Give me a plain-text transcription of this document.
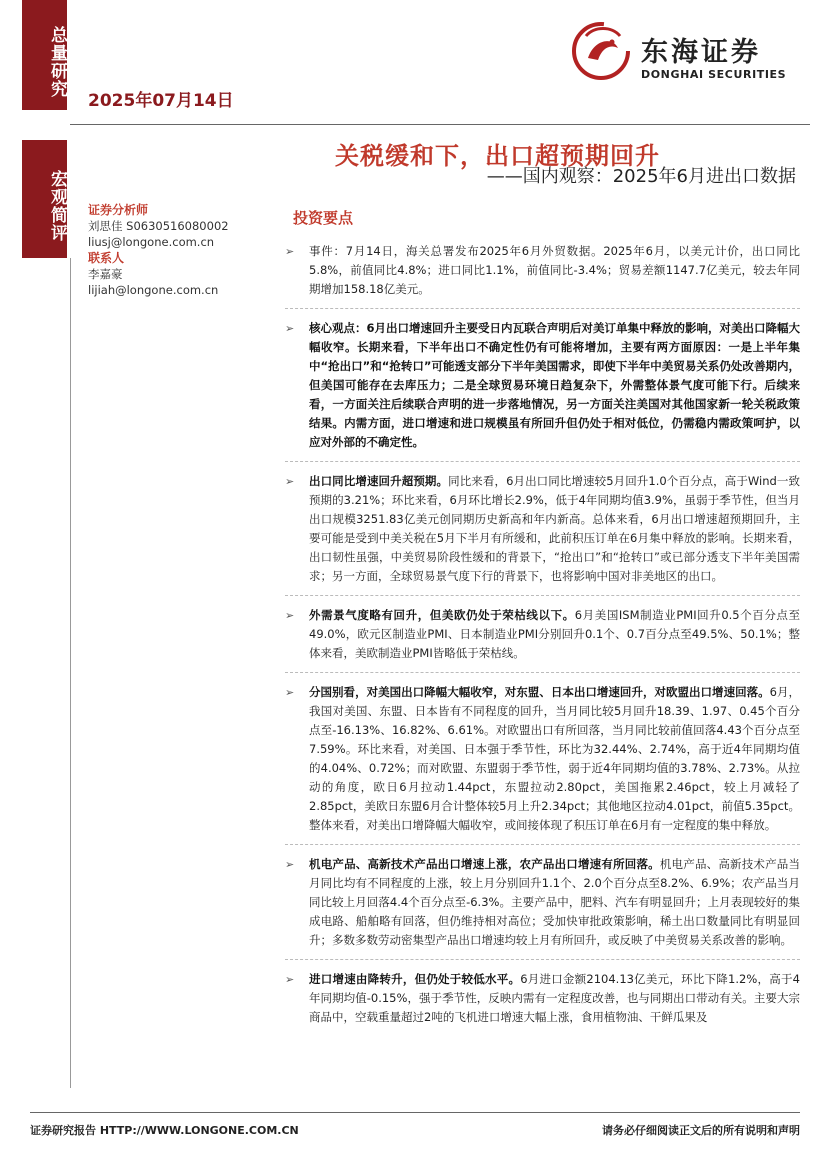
总量研究
宏观简评
2025年07月14日
东海证券
DONGHAI SECURITIES
关税缓和下，出口超预期回升
——国内观察：2025年6月进出口数据
证券分析师
刘思佳 S0630516080002
liusj@longone.com.cn
联系人
李嘉豪
lijiah@longone.com.cn
投资要点
➢ 事件：7月14日，海关总署发布2025年6月外贸数据。2025年6月，以美元计价，出口同比5.8%，前值同比4.8%；进口同比1.1%，前值同比-3.4%；贸易差额1147.7亿美元，较去年同期增加158.18亿美元。
➢ 核心观点：6月出口增速回升主要受日内瓦联合声明后对美订单集中释放的影响，对美出口降幅大幅收窄。长期来看，下半年出口不确定性仍有可能将增加，主要有两方面原因：一是上半年集中“抢出口”和“抢转口”可能透支部分下半年美国需求，即使下半年中美贸易关系仍处改善期内，但美国可能存在去库压力；二是全球贸易环境日趋复杂下，外需整体景气度可能下行。后续来看，一方面关注后续联合声明的进一步落地情况，另一方面关注美国对其他国家新一轮关税政策结果。内需方面，进口增速和进口规模虽有所回升但仍处于相对低位，仍需稳内需政策呵护，以应对外部的不确定性。
➢ 出口同比增速回升超预期。同比来看，6月出口同比增速较5月回升1.0个百分点，高于Wind一致预期的3.21%；环比来看，6月环比增长2.9%，低于4年同期均值3.9%，虽弱于季节性，但当月出口规模3251.83亿美元创同期历史新高和年内新高。总体来看，6月出口增速超预期回升，主要可能是受到中美关税在5月下半月有所缓和，此前积压订单在6月集中释放的影响。长期来看，出口韧性虽强，中美贸易阶段性缓和的背景下，“抢出口”和“抢转口”或已部分透支下半年美国需求；另一方面，全球贸易景气度下行的背景下，也将影响中国对非美地区的出口。
➢ 外需景气度略有回升，但美欧仍处于荣枯线以下。6月美国ISM制造业PMI回升0.5个百分点至49.0%，欧元区制造业PMI、日本制造业PMI分别回升0.1个、0.7百分点至49.5%、50.1%；整体来看，美欧制造业PMI皆略低于荣枯线。
➢ 分国别看，对美国出口降幅大幅收窄，对东盟、日本出口增速回升，对欧盟出口增速回落。6月，我国对美国、东盟、日本皆有不同程度的回升，当月同比较5月回升18.39、1.97、0.45个百分点至-16.13%、16.82%、6.61%。对欧盟出口有所回落，当月同比较前值回落4.43个百分点至7.59%。环比来看，对美国、日本强于季节性，环比为32.44%、2.74%，高于近4年同期均值的4.04%、0.72%；而对欧盟、东盟弱于季节性，弱于近4年同期均值的3.78%、2.73%。从拉动的角度，欧日6月拉动1.44pct，东盟拉动2.80pct，美国拖累2.46pct，较上月减轻了2.85pct，美欧日东盟6月合计整体较5月上升2.34pct；其他地区拉动4.01pct，前值5.35pct。整体来看，对美出口增降幅大幅收窄，或间接体现了积压订单在6月有一定程度的集中释放。
➢ 机电产品、高新技术产品出口增速上涨，农产品出口增速有所回落。机电产品、高新技术产品当月同比均有不同程度的上涨，较上月分别回升1.1个、2.0个百分点至8.2%、6.9%；农产品当月同比较上月回落4.4个百分点至-6.3%。主要产品中，肥料、汽车有明显回升；上月表现较好的集成电路、船舶略有回落，但仍维持相对高位；受加快审批政策影响，稀土出口数量同比有明显回升；多数多数劳动密集型产品出口增速均较上月有所回升，或反映了中美贸易关系改善的影响。
➢ 进口增速由降转升，但仍处于较低水平。6月进口金额2104.13亿美元，环比下降1.2%，高于4年同期均值-0.15%，强于季节性，反映内需有一定程度改善，也与同期出口带动有关。主要大宗商品中，空载重量超过2吨的飞机进口增速大幅上涨，食用植物油、干鲜瓜果及
证券研究报告 HTTP://WWW.LONGONE.COM.CN	请务必仔细阅读正文后的所有说明和声明
